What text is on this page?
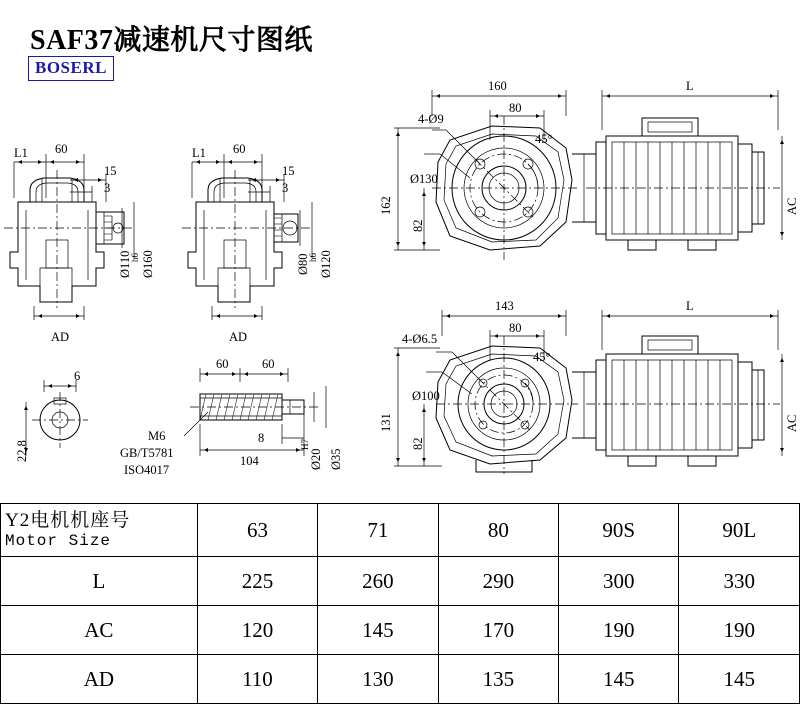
SAF37减速机尺寸图纸
BOSERL
L1 60
15
3
Ø110
h6 Ø160
AD
L1 60
15
3
Ø80
h6 Ø120
AD
6
22.8
60	60
M6
GB/T5781
ISO4017
8
104	Ø20
H7
Ø35
160	L
4-Ø9
80
45°
Ø130
162
82
AC
143	L
4-Ø6.5
80
45°
Ø100
131
82
AC
Y2电机机座号
Motor Size	63	71	80	90S	90L
L	225	260	290	300	330
AC	120	145	170	190	190
AD	110	130	135	145	145
